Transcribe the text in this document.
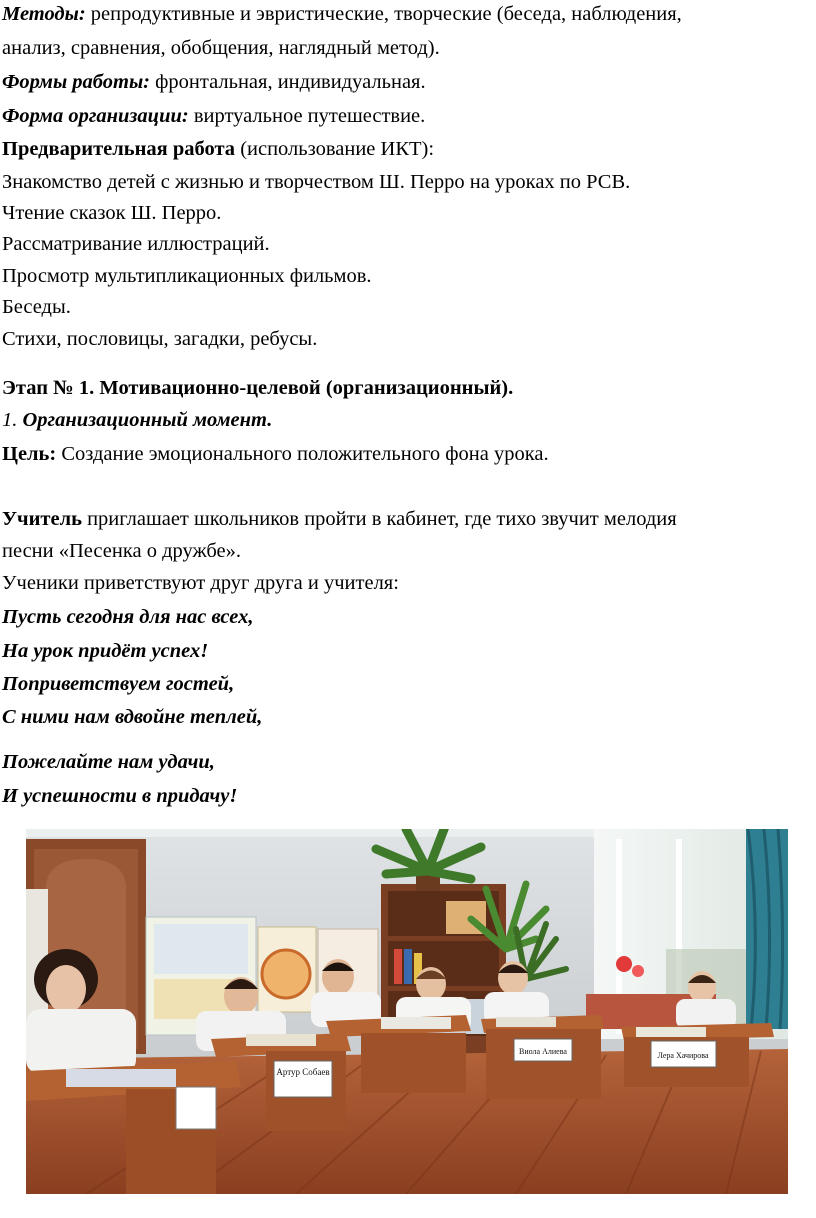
Методы: репродуктивные и эвристические, творческие (беседа, наблюдения,
анализ, сравнения, обобщения, наглядный метод).
Формы работы: фронтальная, индивидуальная.
Форма организации: виртуальное путешествие.
Предварительная работа (использование ИКТ):
Знакомство детей с жизнью и творчеством Ш. Перро на уроках по РСВ.
Чтение сказок Ш. Перро.
Рассматривание иллюстраций.
Просмотр мультипликационных фильмов.
Беседы.
Стихи, пословицы, загадки, ребусы.
Этап № 1. Мотивационно-целевой (организационный).
1. Организационный момент.
Цель: Создание эмоционального положительного фона урока.
Учитель приглашает школьников пройти в кабинет, где тихо звучит мелодия
песни «Песенка о дружбе».
Ученики приветствуют друг друга и учителя:
Пусть сегодня для нас всех,
На урок придёт успех!
Поприветствуем гостей,
С ними нам вдвойне теплей,
Пожелайте нам удачи,
И успешности в придачу!
Артур Собаев
Виола Алиева	Лера Хачирова
